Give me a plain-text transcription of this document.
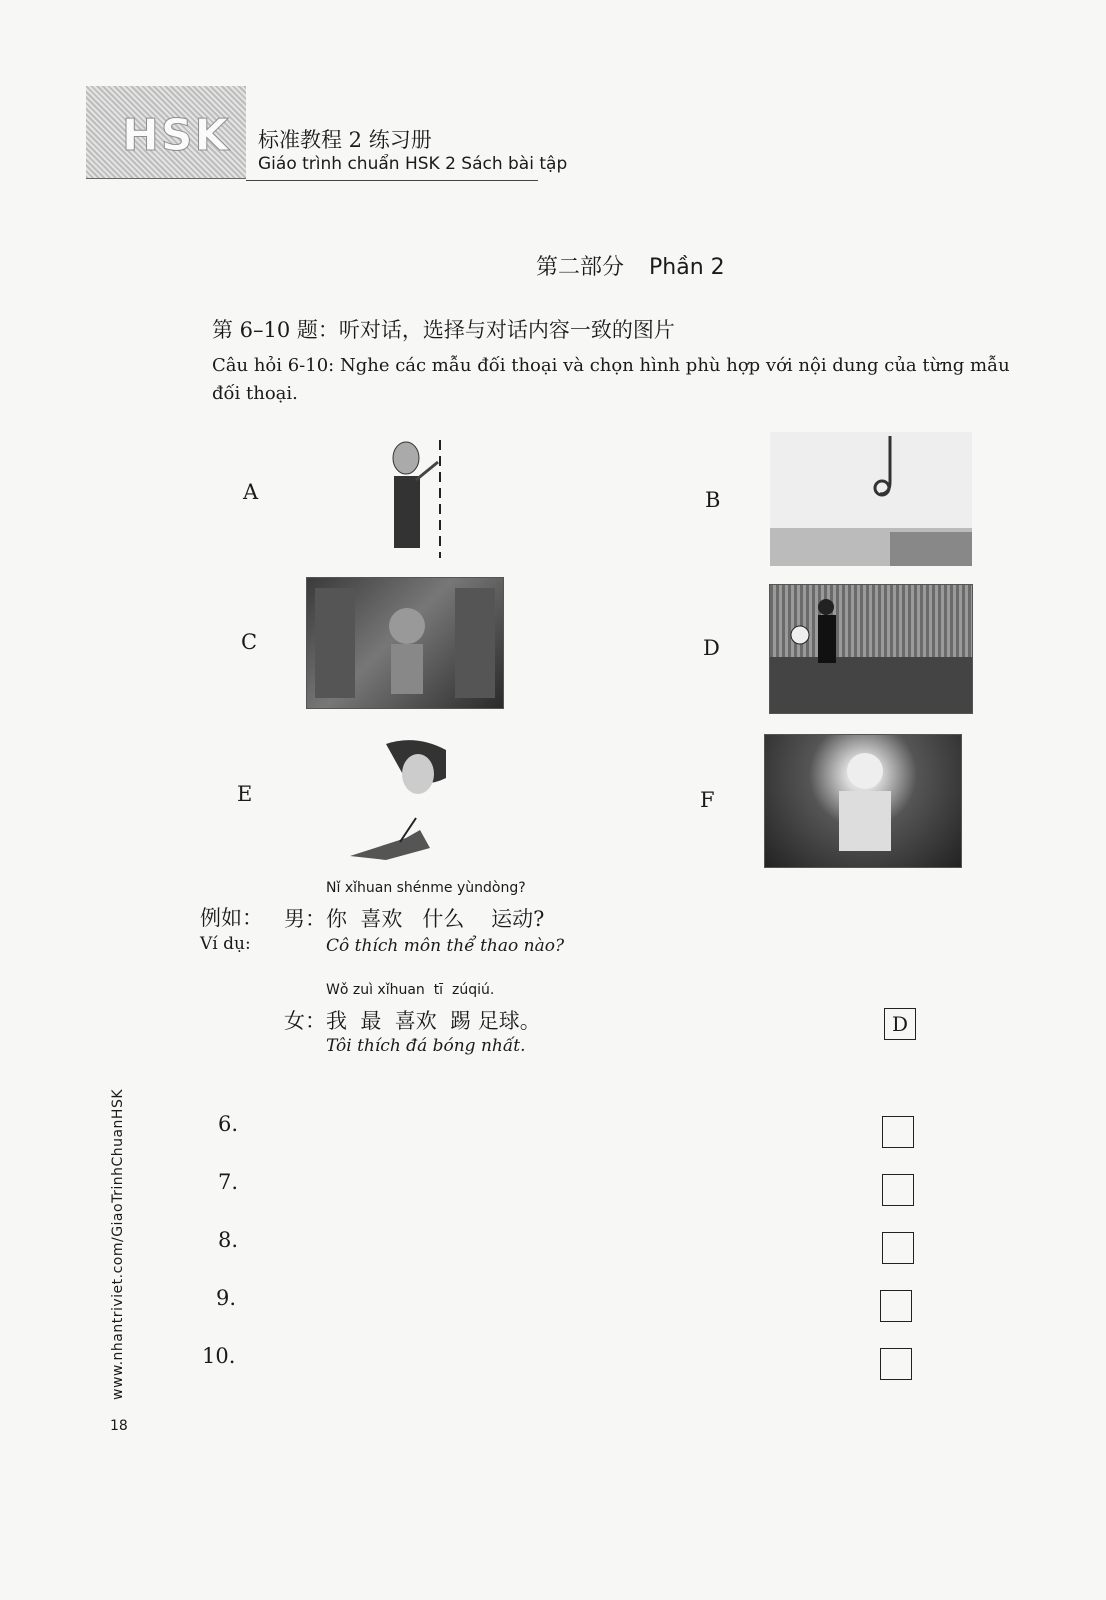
HSK 标准教程 2 练习册
Giáo trình chuẩn HSK 2 Sách bài tập
第二部分 Phần 2
第 6–10 题：听对话，选择与对话内容一致的图片
Câu hỏi 6-10: Nghe các mẫu đối thoại và chọn hình phù hợp với nội dung của từng mẫu đối thoại.
A	B
C	D
E	F
例如：
Ví dụ:
Nǐ xǐhuan shénme yùndòng?
男： 你  喜欢   什么    运动?
Cô thích môn thể thao nào?
Wǒ zuì xǐhuan  tī  zúqiú.
女： 我  最  喜欢  踢 足球。
Tôi thích đá bóng nhất.
D
6.
7.
8.
9.
10.
www.nhantriviet.com/GiaoTrinhChuanHSK
18
